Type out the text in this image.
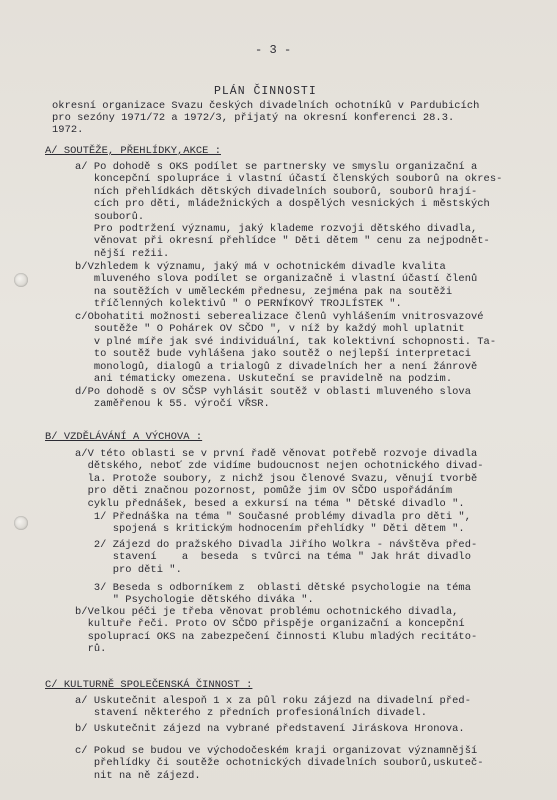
- 3 -
PLÁN ČINNOSTI
okresní organizace Svazu českých divadelních ochotníků v Pardubicích
pro sezóny 1971/72 a 1972/3, přijatý na okresní konferenci 28.3.
1972.
A/ SOUTĚŽE, PŘEHLÍDKY,AKCE :
a/ Po dohodě s OKS podílet se partnersky ve smyslu organizační a
koncepční spolupráce i vlastní účastí členských souborů na okres-
ních přehlídkách dětských divadelních souborů, souborů hrají-
cích pro děti, mládežnických a dospělých vesnických i městských
souborů.
Pro podtržení významu, jaký klademe rozvoji dětského divadla,
věnovat při okresní přehlídce " Děti dětem " cenu za nejpodnět-
nější režii.
b/Vzhledem k významu, jaký má v ochotnickém divadle kvalita
mluveného slova podílet se organizačně i vlastní účastí členů
na soutěžích v uměleckém přednesu, zejména pak na soutěži
tříčlenných kolektivů " O PERNÍKOVÝ TROJLÍSTEK ".
c/Obohatiti možnosti seberealizace členů vyhlášením vnitrosvazové
soutěže " O Pohárek OV SČDO ", v níž by každý mohl uplatnit
v plné míře jak své individuální, tak kolektivní schopnosti. Ta-
to soutěž bude vyhlášena jako soutěž o nejlepší interpretaci
monologů, dialogů a trialogů z divadelních her a není žánrově
ani tématicky omezena. Uskuteční se pravidelně na podzim.
d/Po dohodě s OV SČSP vyhlásit soutěž v oblasti mluveného slova
zaměřenou k 55. výročí VŘSR.
B/ VZDĚLÁVÁNÍ A VÝCHOVA :
a/V této oblasti se v první řadě věnovat potřebě rozvoje divadla
dětského, neboť zde vidíme budoucnost nejen ochotnického divad-
la. Protože soubory, z nichž jsou členové Svazu, věnují tvorbě
pro děti značnou pozornost, pomůže jim OV SČDO uspořádáním
cyklu přednášek, besed a exkursí na téma " Dětské divadlo ".
1/ Přednáška na téma " Současné problémy divadla pro děti ",
spojená s kritickým hodnocením přehlídky " Děti dětem ".
2/ Zájezd do pražského Divadla Jiřího Wolkra - návštěva před-
stavení    a  beseda  s tvůrci na téma " Jak hrát divadlo
pro děti ".
3/ Beseda s odborníkem z  oblasti dětské psychologie na téma
" Psychologie dětského diváka ".
b/Velkou péči je třeba věnovat problému ochotnického divadla,
kultuře řeči. Proto OV SČDO přispěje organizační a koncepční
spoluprací OKS na zabezpečení činnosti Klubu mladých recitáto-
rů.
C/ KULTURNĚ SPOLEČENSKÁ ČINNOST :
a/ Uskutečnit alespoň 1 x za půl roku zájezd na divadelní před-
stavení některého z předních profesionálních divadel.
b/ Uskutečnit zájezd na vybrané představení Jiráskova Hronova.
c/ Pokud se budou ve východočeském kraji organizovat významnější
přehlídky či soutěže ochotnických divadelních souborů,uskuteč-
nit na ně zájezd.
